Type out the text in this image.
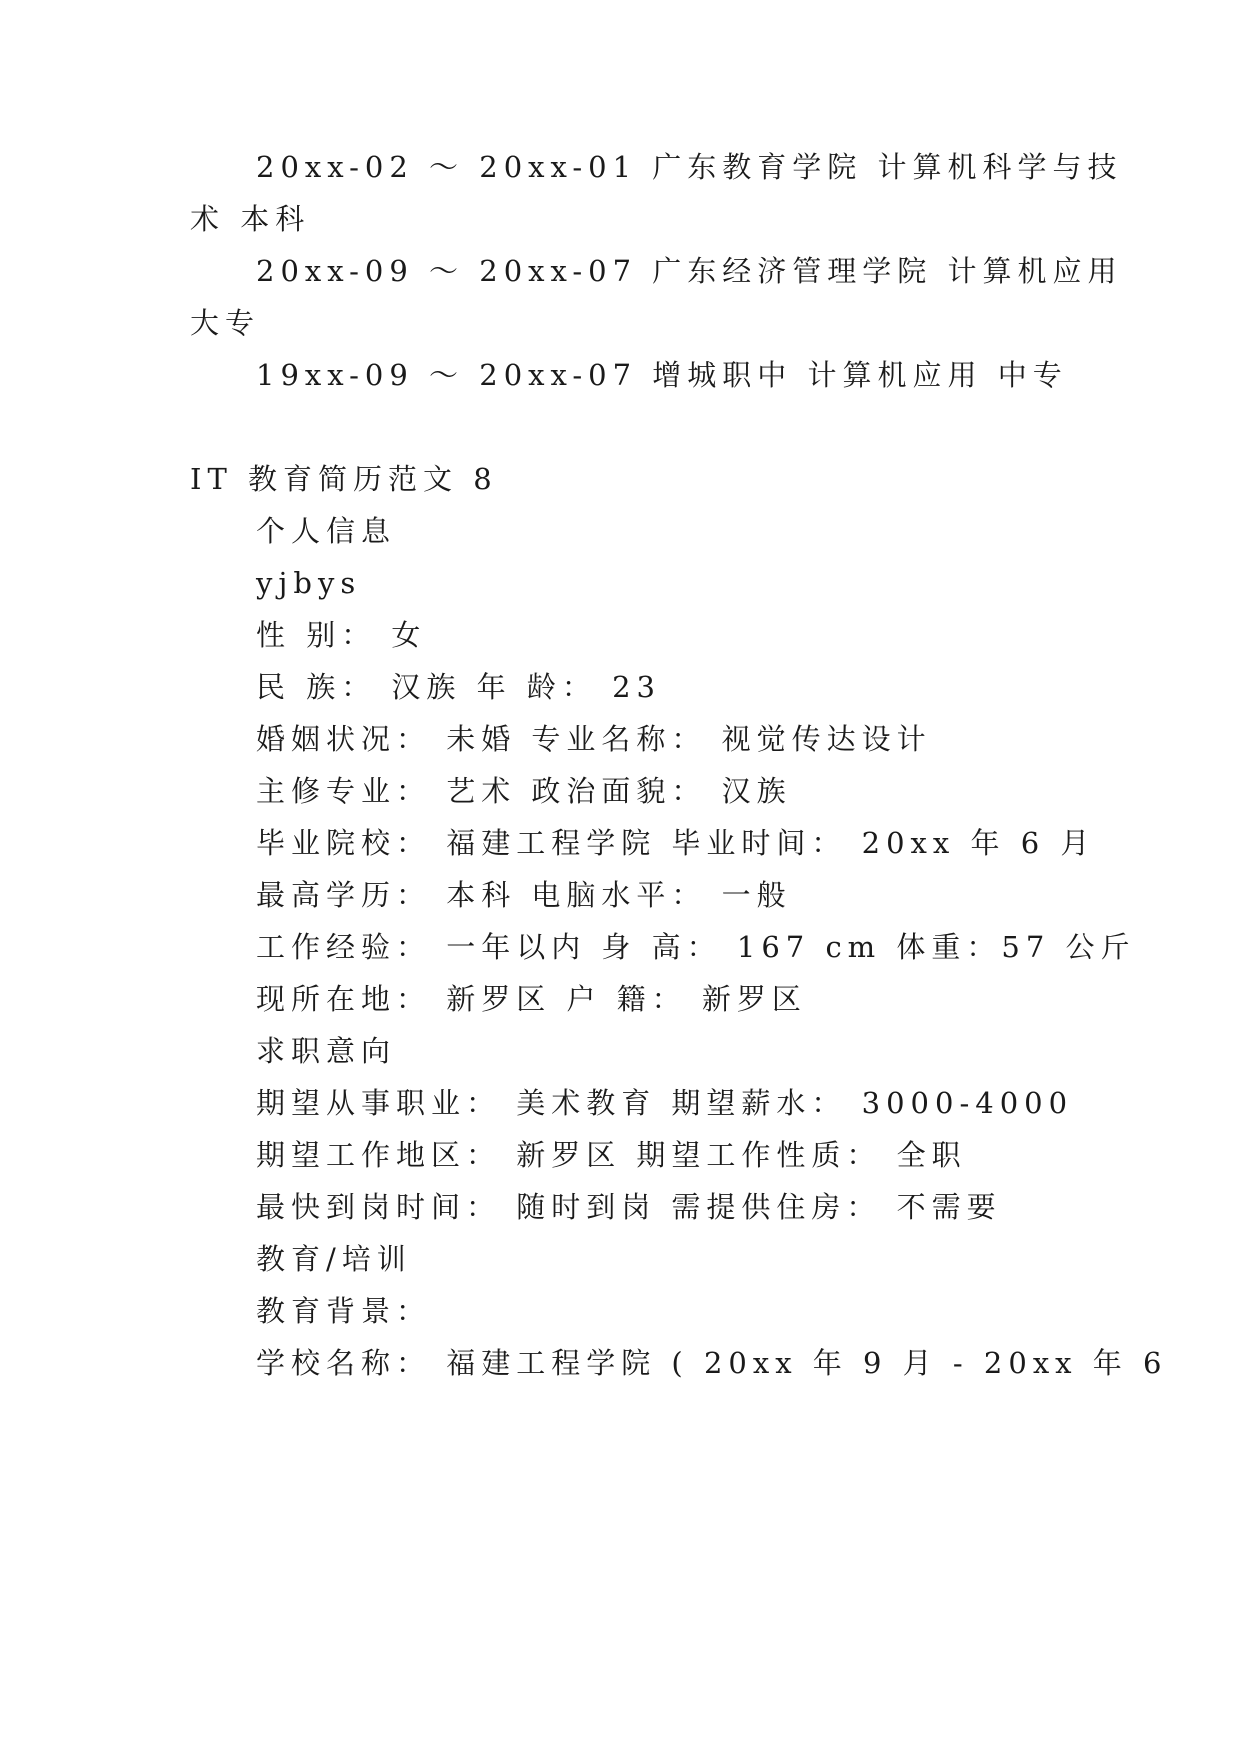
20xx-02 ～ 20xx-01 广东教育学院 计算机科学与技
术 本科
20xx-09 ～ 20xx-07 广东经济管理学院 计算机应用
大专
19xx-09 ～ 20xx-07 增城职中 计算机应用 中专
IT 教育简历范文 8
个人信息
yjbys
性 别： 女
民 族： 汉族 年 龄： 23
婚姻状况： 未婚 专业名称： 视觉传达设计
主修专业： 艺术 政治面貌： 汉族
毕业院校： 福建工程学院 毕业时间： 20xx 年 6 月
最高学历： 本科 电脑水平： 一般
工作经验： 一年以内 身 高： 167 cm 体重：57 公斤
现所在地： 新罗区 户 籍： 新罗区
求职意向
期望从事职业： 美术教育 期望薪水： 3000-4000
期望工作地区： 新罗区 期望工作性质： 全职
最快到岗时间： 随时到岗 需提供住房： 不需要
教育/培训
教育背景：
学校名称： 福建工程学院 ( 20xx 年 9 月 - 20xx 年 6
